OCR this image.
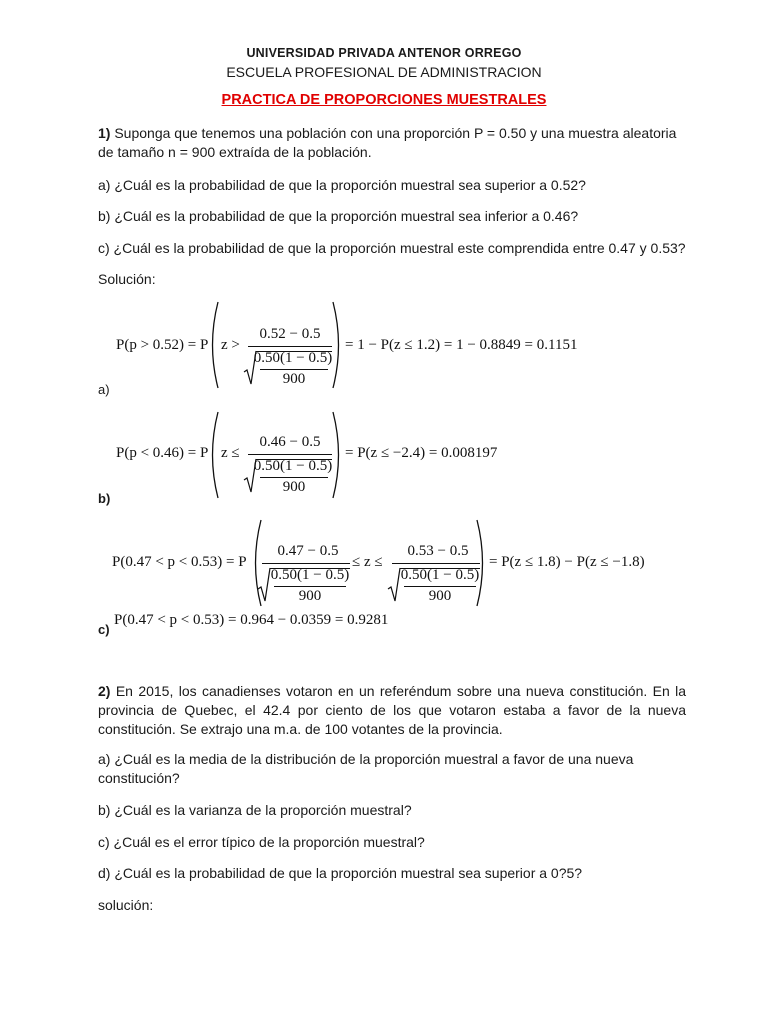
UNIVERSIDAD PRIVADA ANTENOR ORREGO
ESCUELA PROFESIONAL DE ADMINISTRACION
PRACTICA DE PROPORCIONES MUESTRALES
1) Suponga que tenemos una población con una proporción P = 0.50 y una muestra aleatoria de tamaño n = 900 extraída de la población.
a) ¿Cuál es la probabilidad de que la proporción muestral sea superior a 0.52?
b) ¿Cuál es la probabilidad de que la proporción muestral sea inferior a 0.46?
c) ¿Cuál es la probabilidad de que la proporción muestral este comprendida entre 0.47 y 0.53?
Solución:
P(p > 0.52) = P z >
0.52 − 0.5
0.50(1 − 0.5)
900
= 1 − P(z ≤ 1.2) = 1 − 0.8849 = 0.1151
a)
P(p < 0.46) = P z ≤
0.46 − 0.5
0.50(1 − 0.5)
900
= P(z ≤ −2.4) = 0.008197
b)
P(0.47 < p < 0.53) = P
0.47 − 0.5
0.50(1 − 0.5)
900
≤ z ≤
0.53 − 0.5
0.50(1 − 0.5)
900
= P(z ≤ 1.8) − P(z ≤ −1.8)
P(0.47 < p < 0.53) = 0.964 − 0.0359 = 0.9281
c)
2) En 2015, los canadienses votaron en un referéndum sobre una nueva constitución. En la provincia de Quebec, el 42.4 por ciento de los que votaron estaba a favor de la nueva constitución. Se extrajo una m.a. de 100 votantes de la provincia.
a) ¿Cuál es la media de la distribución de la proporción muestral a favor de una nueva constitución?
b) ¿Cuál es la varianza de la proporción muestral?
c) ¿Cuál es el error típico de la proporción muestral?
d) ¿Cuál es la probabilidad de que la proporción muestral sea superior a 0?5?
solución:
